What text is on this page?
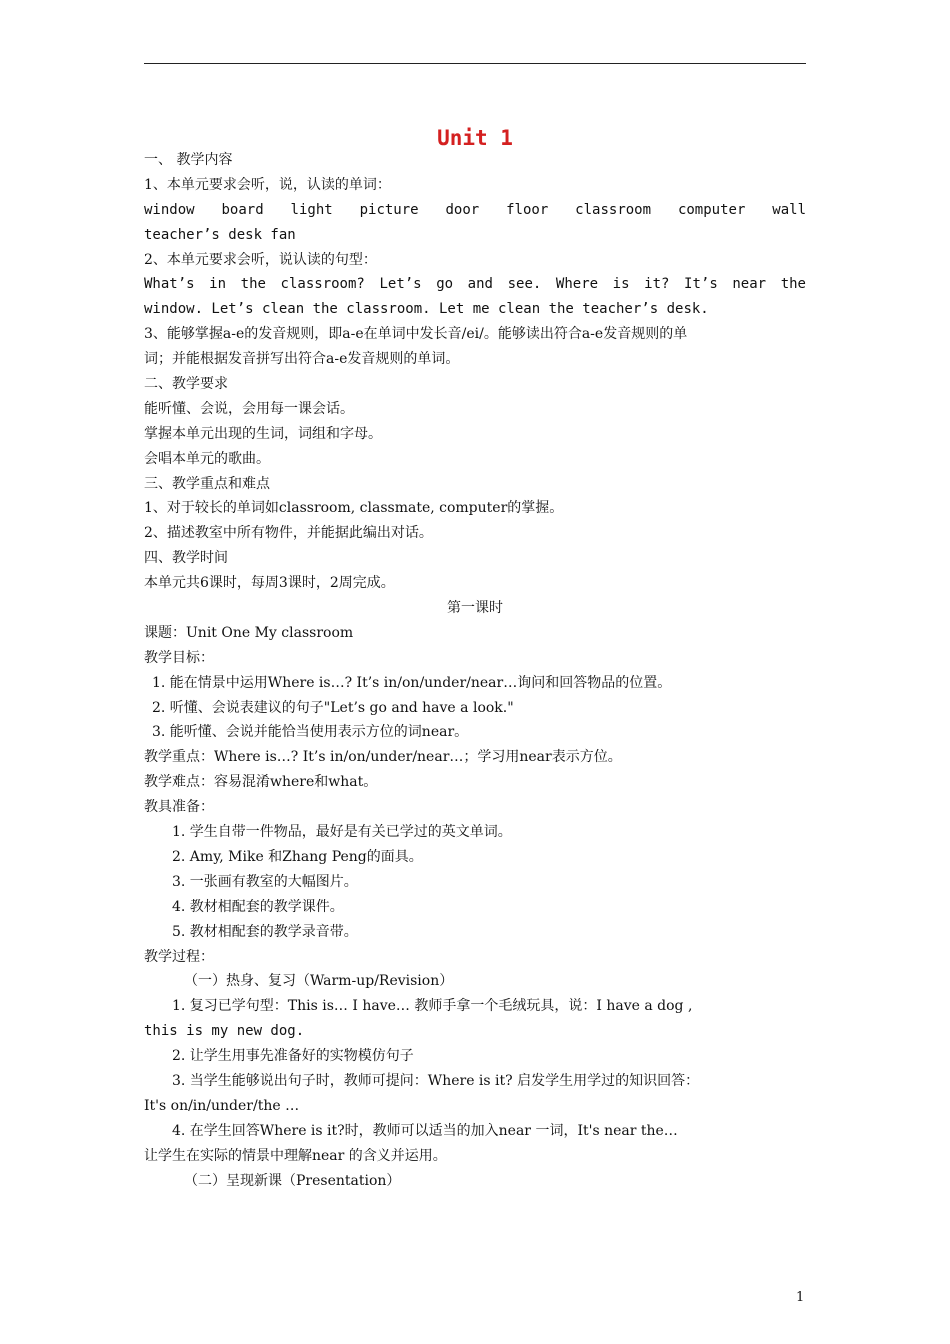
Unit 1
一、 教学内容
1、本单元要求会听，说，认读的单词：
window board light picture door floor classroom computer wall
teacher’s desk fan
2、本单元要求会听，说认读的句型：
What’s in the classroom? Let’s go and see. Where is it? It’s near the
window. Let’s clean the classroom. Let me clean the teacher’s desk.
3、能够掌握a-e的发音规则，即a-e在单词中发长音/ei/。能够读出符合a-e发音规则的单
词；并能根据发音拼写出符合a-e发音规则的单词。
二、教学要求
能听懂、会说，会用每一课会话。
掌握本单元出现的生词，词组和字母。
会唱本单元的歌曲。
三、教学重点和难点
1、对于较长的单词如classroom, classmate, computer的掌握。
2、描述教室中所有物件，并能据此编出对话。
四、教学时间
本单元共6课时，每周3课时，2周完成。
第一课时
课题：Unit One My classroom
教学目标：
1. 能在情景中运用Where is…? It’s in/on/under/near…询问和回答物品的位置。
2. 听懂、会说表建议的句子"Let’s go and have a look."
3. 能听懂、会说并能恰当使用表示方位的词near。
教学重点：Where is…? It’s in/on/under/near…；学习用near表示方位。
教学难点：容易混淆where和what。
教具准备：
1. 学生自带一件物品，最好是有关已学过的英文单词。
2. Amy, Mike 和Zhang Peng的面具。
3. 一张画有教室的大幅图片。
4. 教材相配套的教学课件。
5. 教材相配套的教学录音带。
教学过程：
（一）热身、复习（Warm-up/Revision）
1. 复习已学句型：This is… I have… 教师手拿一个毛绒玩具，说：I have a dog ,
this is my new dog.
2. 让学生用事先准备好的实物模仿句子
3. 当学生能够说出句子时，教师可提问：Where is it? 启发学生用学过的知识回答：
It's on/in/under/the …
4. 在学生回答Where is it?时，教师可以适当的加入near 一词，It's near the…
让学生在实际的情景中理解near 的含义并运用。
（二）呈现新课（Presentation）
1
